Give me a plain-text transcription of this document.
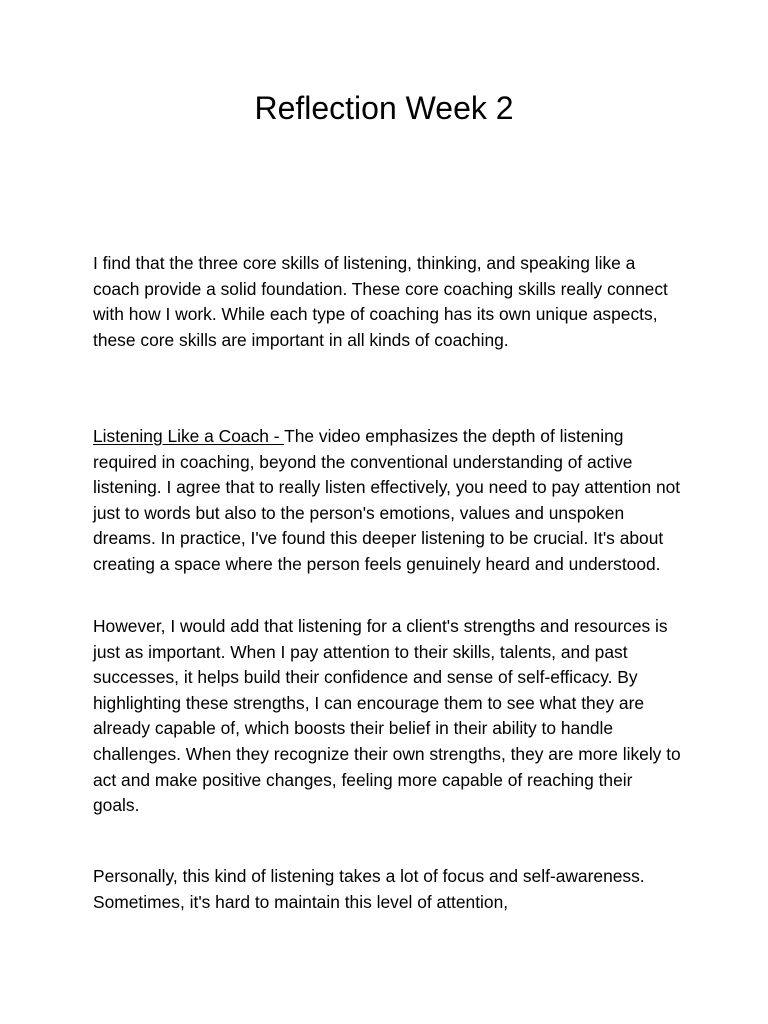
Reflection Week 2

I find that the three core skills of listening, thinking, and speaking like a coach provide a solid foundation. These core coaching skills really connect with how I work. While each type of coaching has its own unique aspects, these core skills are important in all kinds of coaching.

Listening Like a Coach - The video emphasizes the depth of listening required in coaching, beyond the conventional understanding of active listening. I agree that to really listen effectively, you need to pay attention not just to words but also to the person's emotions, values and unspoken dreams. In practice, I've found this deeper listening to be crucial. It's about creating a space where the person feels genuinely heard and understood.

However, I would add that listening for a client's strengths and resources is just as important. When I pay attention to their skills, talents, and past successes, it helps build their confidence and sense of self-efficacy. By highlighting these strengths, I can encourage them to see what they are already capable of, which boosts their belief in their ability to handle challenges. When they recognize their own strengths, they are more likely to act and make positive changes, feeling more capable of reaching their goals.

Personally, this kind of listening takes a lot of focus and self-awareness. Sometimes, it's hard to maintain this level of attention,
